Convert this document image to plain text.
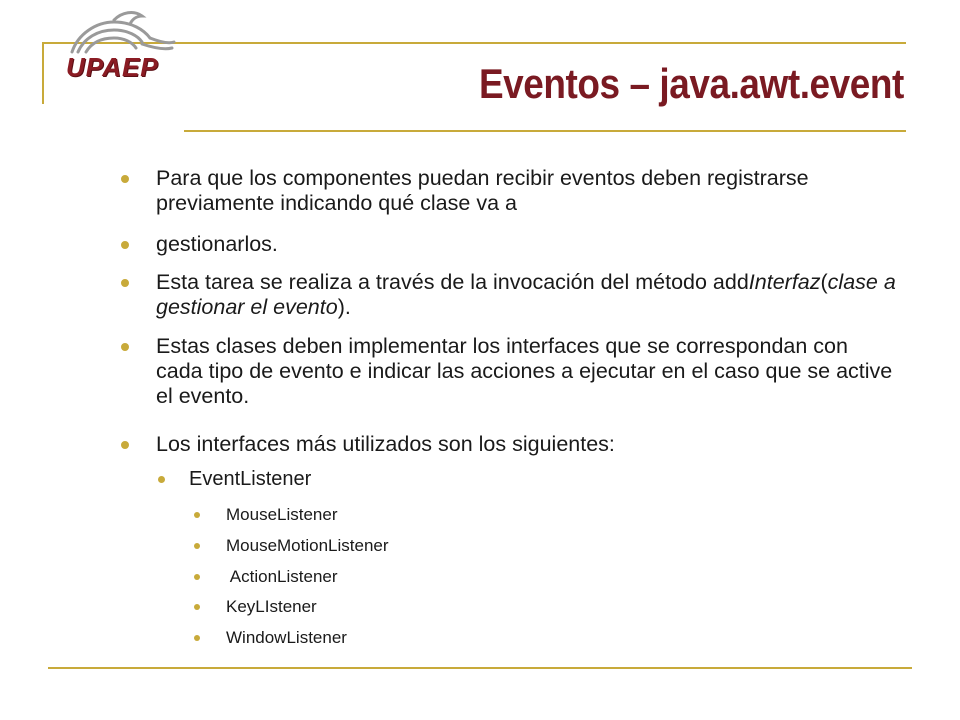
UPAEP	Eventos – java.awt.event
Para que los componentes puedan recibir eventos deben registrarse previamente indicando qué clase va a
gestionarlos.
Esta tarea se realiza a través de la invocación del método addInterfaz(clase a gestionar el evento).
Estas clases deben implementar los interfaces que se correspondan con cada tipo de evento e indicar las acciones a ejecutar en el caso que se active el evento.
Los interfaces más utilizados son los siguientes:
EventListener
MouseListener
MouseMotionListener
ActionListener
KeyLIstener
WindowListener
